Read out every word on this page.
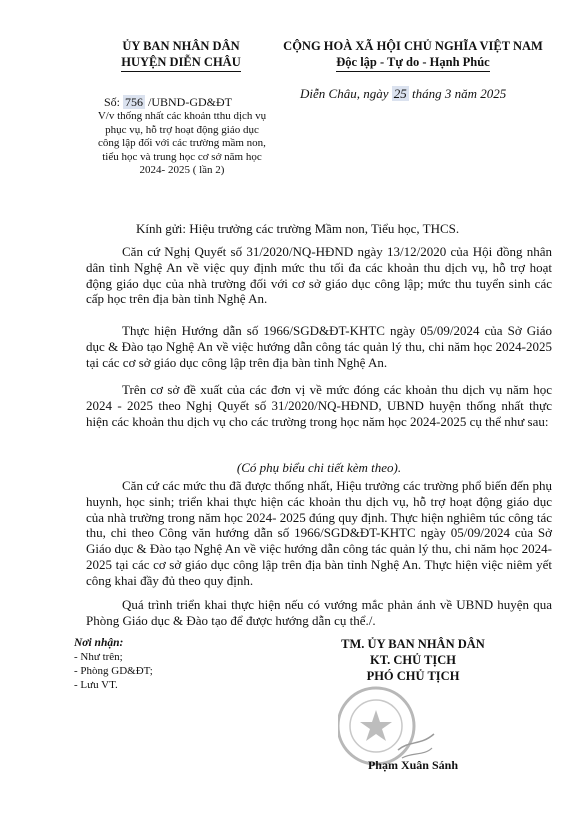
ỦY BAN NHÂN DÂN
HUYỆN DIỄN CHÂU
CỘNG HOÀ XÃ HỘI CHỦ NGHĨA VIỆT NAM
Độc lập - Tự do - Hạnh Phúc
Diễn Châu, ngày 25 tháng 3 năm 2025
Số: 756 /UBND-GD&ĐT
V/v thống nhất các khoản tthu dịch vụ phục vụ, hỗ trợ hoạt động giáo dục công lập đối với các trường mầm non, tiểu học và trung học cơ sở năm học 2024- 2025 ( lần 2)
Kính gửi: Hiệu trưởng các trường Mầm non, Tiểu học, THCS.

Căn cứ Nghị Quyết số 31/2020/NQ-HĐND ngày 13/12/2020 của Hội đồng nhân dân tỉnh Nghệ An về việc quy định mức thu tối đa các khoản thu dịch vụ, hỗ trợ hoạt động giáo dục của nhà trường đối với cơ sở giáo dục công lập; mức thu tuyển sinh các cấp học trên địa bàn tỉnh Nghệ An.

Thực hiện Hướng dẫn số 1966/SGD&ĐT-KHTC ngày 05/09/2024 của Sở Giáo dục & Đào tạo Nghệ An về việc hướng dẫn công tác quản lý thu, chi năm học 2024-2025 tại các cơ sở giáo dục công lập trên địa bàn tỉnh Nghệ An.

Trên cơ sở đề xuất của các đơn vị về mức đóng các khoản thu dịch vụ năm học 2024 - 2025 theo Nghị Quyết số 31/2020/NQ-HĐND, UBND huyện thống nhất thực hiện các khoản thu dịch vụ cho các trường trong học năm học 2024-2025 cụ thể như sau:

(Có phụ biểu chi tiết kèm theo).

Căn cứ các mức thu đã được thống nhất, Hiệu trưởng các trường phổ biến đến phụ huynh, học sinh; triển khai thực hiện các khoản thu dịch vụ, hỗ trợ hoạt động giáo dục của nhà trường trong năm học 2024- 2025 đúng quy định. Thực hiện nghiêm túc công tác thu, chi theo Công văn hướng dẫn số 1966/SGD&ĐT-KHTC ngày 05/09/2024 của Sở Giáo dục & Đào tạo Nghệ An về việc hướng dẫn công tác quản lý thu, chi năm học 2024-2025 tại các cơ sở giáo dục công lập trên địa bàn tỉnh Nghệ An. Thực hiện việc niêm yết công khai đầy đủ theo quy định.

Quá trình triển khai thực hiện nếu có vướng mắc phản ánh về UBND huyện qua Phòng Giáo dục & Đào tạo để được hướng dẫn cụ thể./.

Nơi nhận:
- Như trên;
- Phòng GD&ĐT;
- Lưu VT.
TM. ỦY BAN NHÂN DÂN
KT. CHỦ TỊCH
PHÓ CHỦ TỊCH
Phạm Xuân Sánh
